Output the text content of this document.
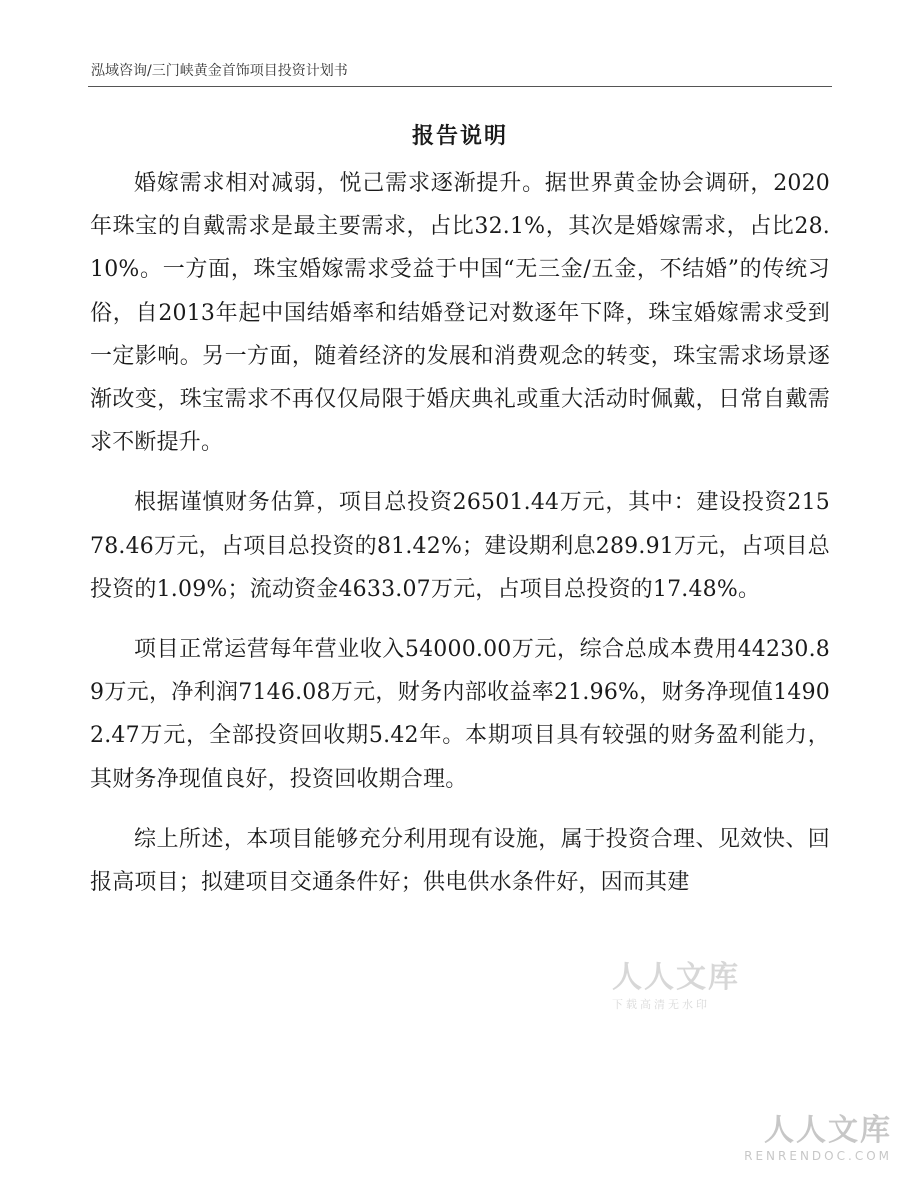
泓域咨询/三门峡黄金首饰项目投资计划书
报告说明

婚嫁需求相对减弱，悦己需求逐渐提升。据世界黄金协会调研，2020年珠宝的自戴需求是最主要需求，占比32.1%，其次是婚嫁需求，占比28.10%。一方面，珠宝婚嫁需求受益于中国“无三金/五金，不结婚”的传统习俗，自2013年起中国结婚率和结婚登记对数逐年下降，珠宝婚嫁需求受到一定影响。另一方面，随着经济的发展和消费观念的转变，珠宝需求场景逐渐改变，珠宝需求不再仅仅局限于婚庆典礼或重大活动时佩戴，日常自戴需求不断提升。

根据谨慎财务估算，项目总投资26501.44万元，其中：建设投资21578.46万元，占项目总投资的81.42%；建设期利息289.91万元，占项目总投资的1.09%；流动资金4633.07万元，占项目总投资的17.48%。

项目正常运营每年营业收入54000.00万元，综合总成本费用44230.89万元，净利润7146.08万元，财务内部收益率21.96%，财务净现值14902.47万元，全部投资回收期5.42年。本期项目具有较强的财务盈利能力，其财务净现值良好，投资回收期合理。

综上所述，本项目能够充分利用现有设施，属于投资合理、见效快、回报高项目；拟建项目交通条件好；供电供水条件好，因而其建

人人文库
下载高清无水印
人人文库
RENRENDOC.COM
